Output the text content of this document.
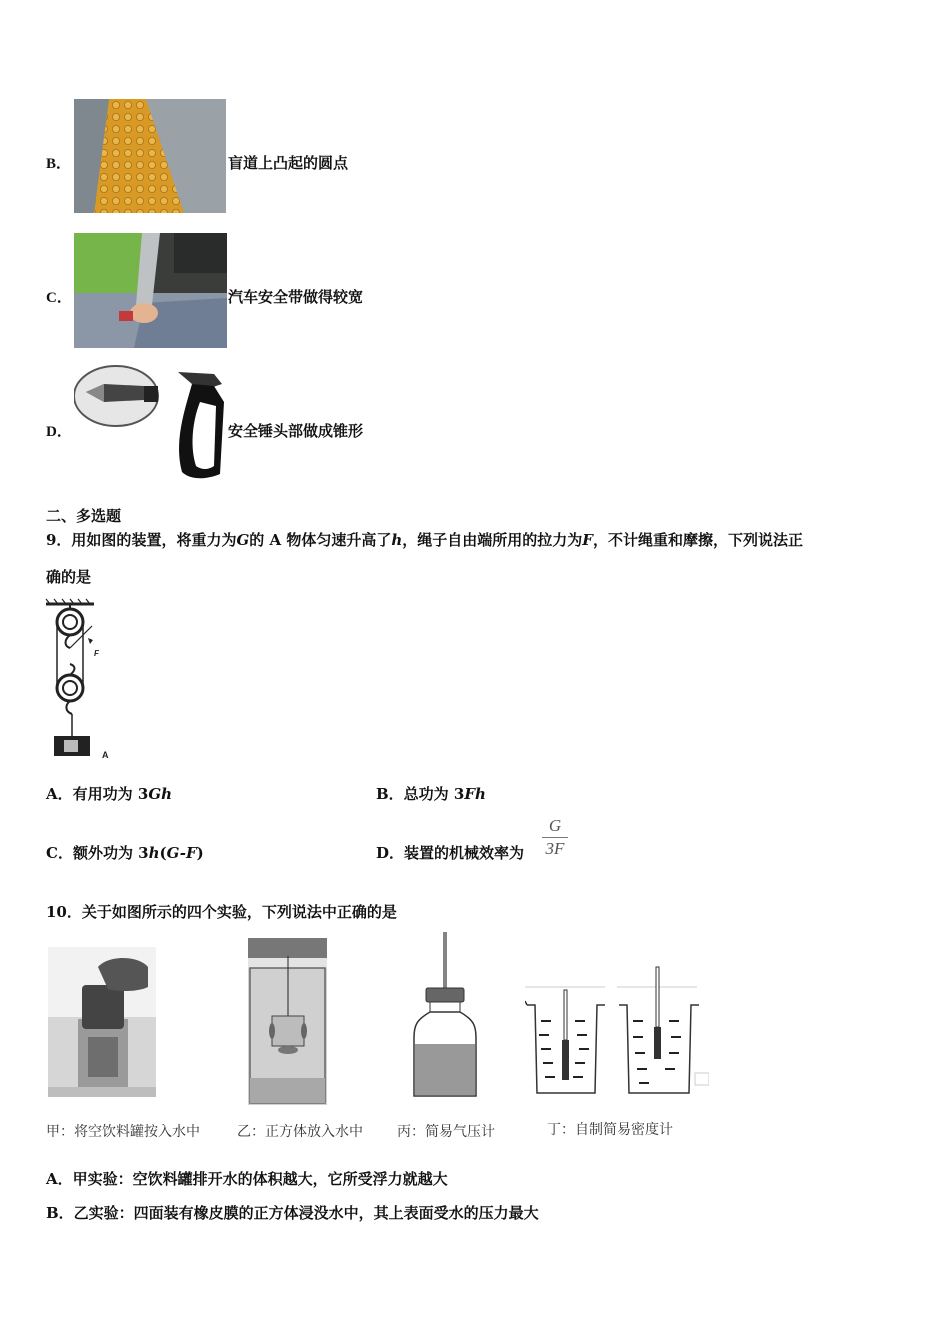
B．	盲道上凸起的圆点
C．	汽车安全带做得较宽
D．	安全锤头部做成锥形
二、多选题
9．用如图的装置，将重力为G的 A 物体匀速升高了h，绳子自由端所用的拉力为F，不计绳重和摩擦，下列说法正
确的是
F
A
A．有用功为 3Gh	B．总功为 3Fh
C．额外功为 3h(G-F)	D．装置的机械效率为
G
3F
10．关于如图所示的四个实验，下列说法中正确的是
甲：将空饮料罐按入水中	乙：正方体放入水中 丙：简易气压计	丁：自制简易密度计
A．甲实验：空饮料罐排开水的体积越大，它所受浮力就越大
B．乙实验：四面装有橡皮膜的正方体浸没水中，其上表面受水的压力最大
